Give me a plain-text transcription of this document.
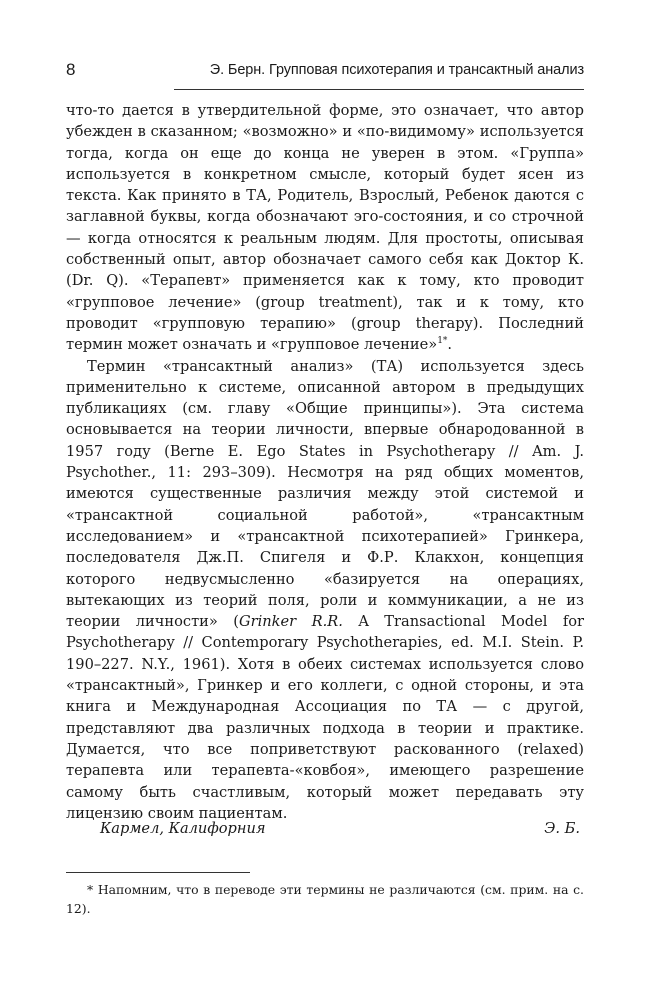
8	Э. Берн. Групповая психотерапия и трансактный анализ

что-то дается в утвердительной форме, это означает, что автор убежден в сказанном; «возможно» и «по-видимому» используется тогда, когда он еще до конца не уверен в этом. «Группа» используется в конкретном смысле, который будет ясен из текста. Как принято в ТА, Родитель, Взрослый, Ребенок даются с заглавной буквы, когда обозначают эго-состояния, и со строчной — когда относятся к реальным людям. Для простоты, описывая собственный опыт, автор обозначает самого себя как Доктор К. (Dr. Q). «Терапевт» применяется как к тому, кто проводит «групповое лечение» (group treatment), так и к тому, кто проводит «групповую терапию» (group therapy). Последний термин может означать и «групповое лечение»$^{1*}$.

Термин «трансактный анализ» (ТА) используется здесь применительно к системе, описанной автором в предыдущих публикациях (см. главу «Общие принципы»). Эта система основывается на теории личности, впервые обнародованной в 1957 году (Berne E. Ego States in Psychotherapy // Am. J. Psychother., 11: 293–309). Несмотря на ряд общих моментов, имеются существенные различия между этой системой и «трансактной социальной работой», «трансактным исследованием» и «трансактной психотерапией» Гринкера, последователя Дж.П. Спигеля и Ф.Р. Клакхон, концепция которого недвусмысленно «базируется на операциях, вытекающих из теорий поля, роли и коммуникации, а не из теории личности» (Grinker R.R. A Transactional Model for Psychotherapy // Contemporary Psychotherapies, ed. M.I. Stein. P. 190–227. N.Y., 1961). Хотя в обеих системах используется слово «трансактный», Гринкер и его коллеги, с одной стороны, и эта книга и Международная Ассоциация по ТА — с другой, представляют два различных подхода в теории и практике. Думается, что все поприветствуют раскованного (relaxed) терапевта или терапевта-«ковбоя», имеющего разрешение самому быть счастливым, который может передавать эту лицензию своим пациентам.

Кармел, Калифорния	Э. Б.
* Напомним, что в переводе эти термины не различаются (см. прим. на с. 12).
